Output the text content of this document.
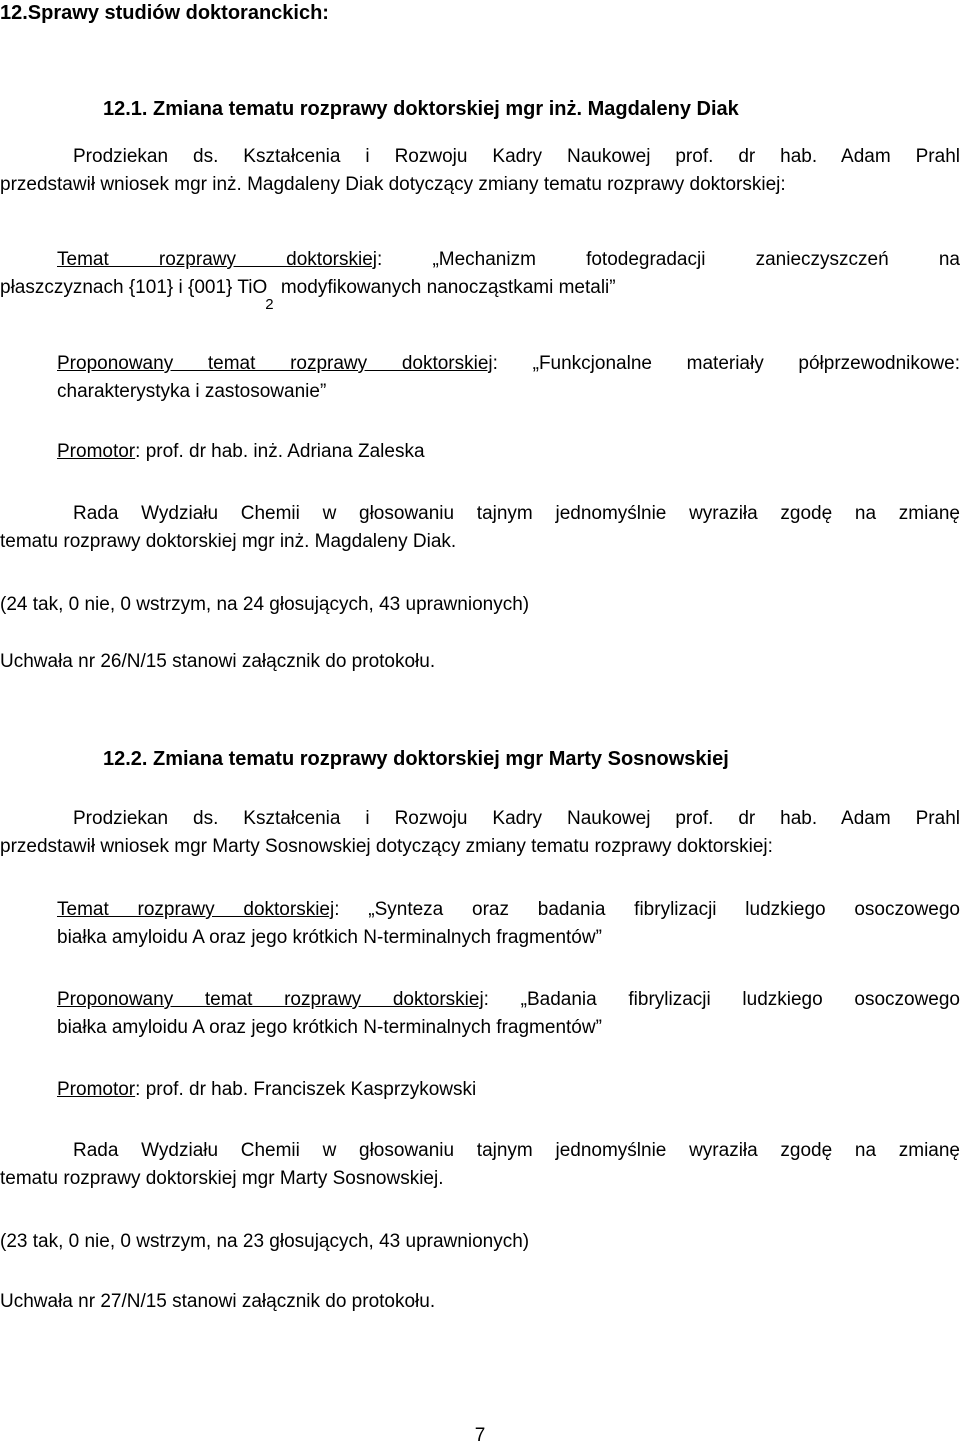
12.Sprawy studiów doktoranckich:
12.1. Zmiana tematu rozprawy doktorskiej mgr inż. Magdaleny Diak
Prodziekan ds. Kształcenia i Rozwoju Kadry Naukowej prof. dr hab. Adam Prahl
przedstawił wniosek mgr inż. Magdaleny Diak dotyczący zmiany tematu rozprawy doktorskiej:
Temat rozprawy doktorskiej: „Mechanizm fotodegradacji zanieczyszczeń na
płaszczyznach {101} i {001} TiO$_2$ modyfikowanych nanocząstkami metali”
Proponowany temat rozprawy doktorskiej: „Funkcjonalne materiały półprzewodnikowe:
charakterystyka i zastosowanie”
Promotor: prof. dr hab. inż. Adriana Zaleska
Rada Wydziału Chemii w głosowaniu tajnym jednomyślnie wyraziła zgodę na zmianę
tematu rozprawy doktorskiej mgr inż. Magdaleny Diak.
(24 tak, 0 nie, 0 wstrzym, na 24 głosujących, 43 uprawnionych)
Uchwała nr 26/N/15 stanowi załącznik do protokołu.
12.2. Zmiana tematu rozprawy doktorskiej mgr Marty Sosnowskiej
Prodziekan ds. Kształcenia i Rozwoju Kadry Naukowej prof. dr hab. Adam Prahl
przedstawił wniosek mgr Marty Sosnowskiej dotyczący zmiany tematu rozprawy doktorskiej:
Temat rozprawy doktorskiej: „Synteza oraz badania fibrylizacji ludzkiego osoczowego
białka amyloidu A oraz jego krótkich N-terminalnych fragmentów”
Proponowany temat rozprawy doktorskiej: „Badania fibrylizacji ludzkiego osoczowego
białka amyloidu A oraz jego krótkich N-terminalnych fragmentów”
Promotor: prof. dr hab. Franciszek Kasprzykowski
Rada Wydziału Chemii w głosowaniu tajnym jednomyślnie wyraziła zgodę na zmianę
tematu rozprawy doktorskiej mgr Marty Sosnowskiej.
(23 tak, 0 nie, 0 wstrzym, na 23 głosujących, 43 uprawnionych)
Uchwała nr 27/N/15 stanowi załącznik do protokołu.
7
